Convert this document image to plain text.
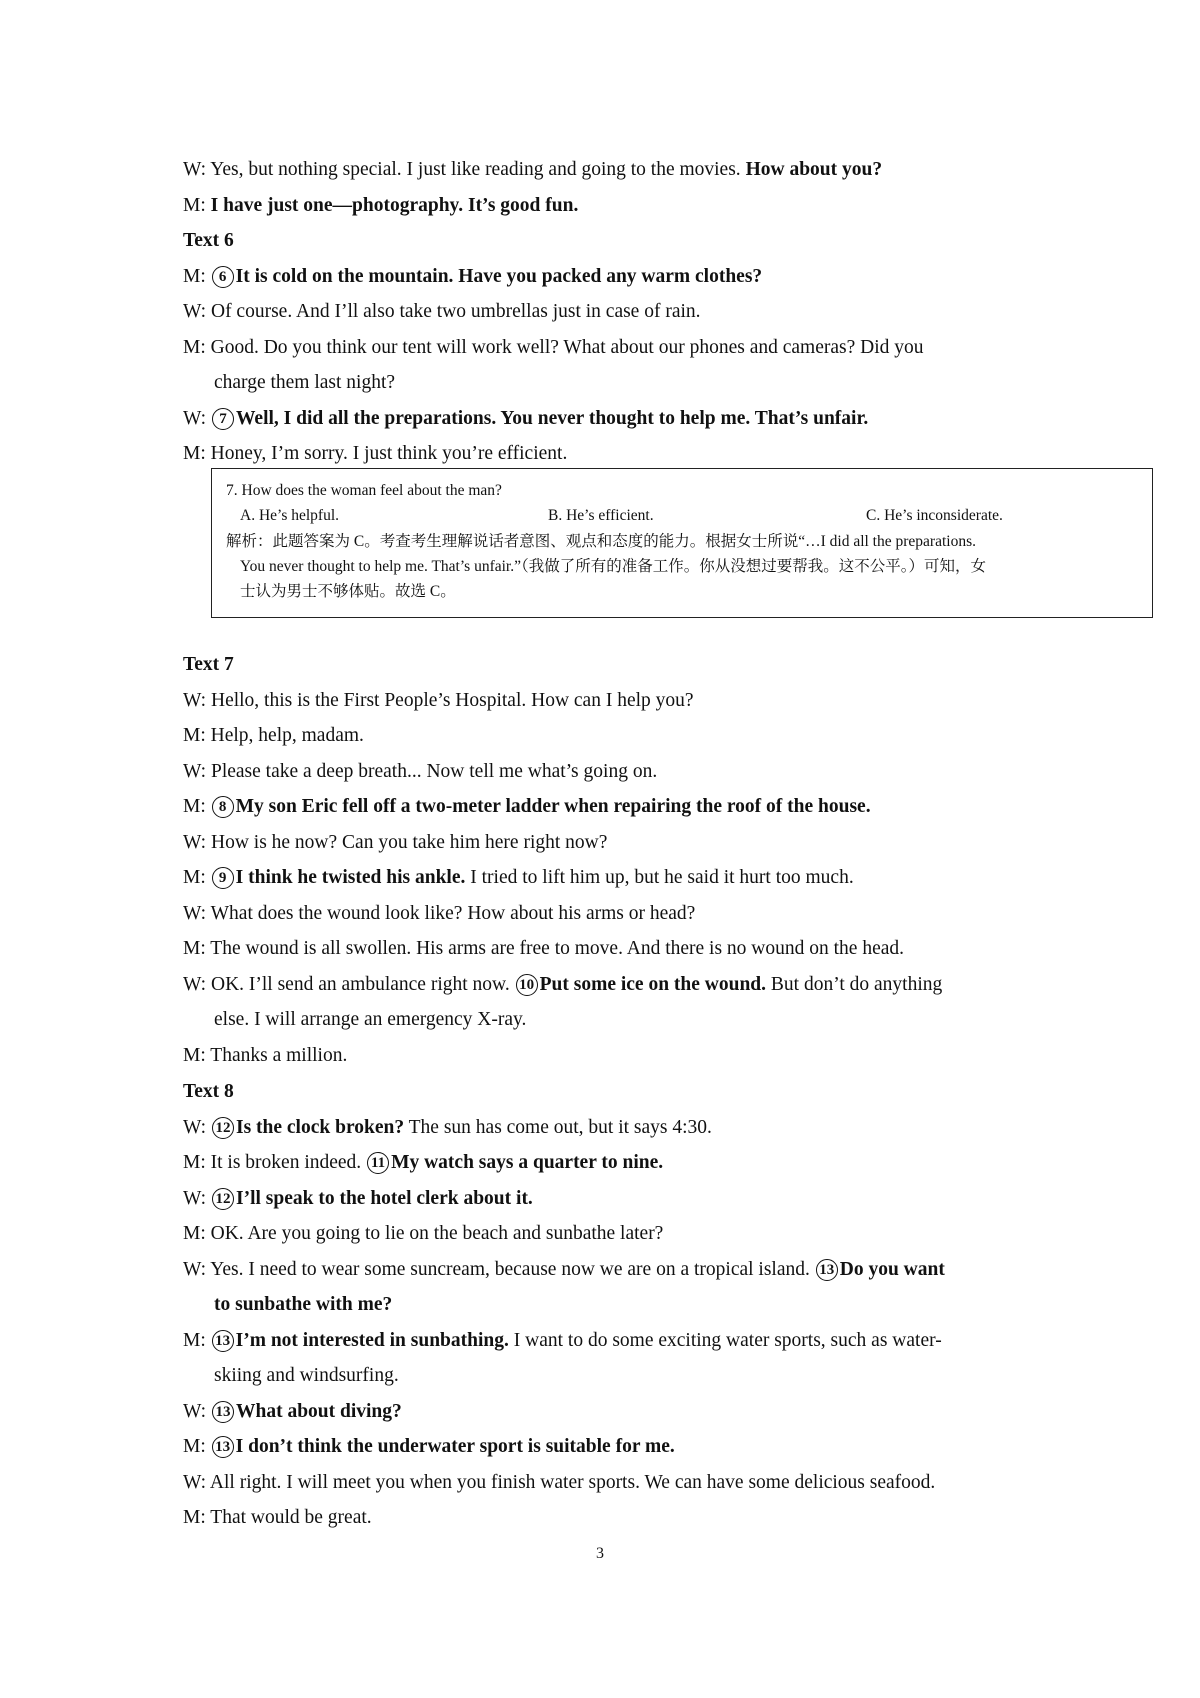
W: Yes, but nothing special. I just like reading and going to the movies. How about you?
M: I have just one—photography. It’s good fun.
Text 6
M: 6 It is cold on the mountain. Have you packed any warm clothes?
W: Of course. And I’ll also take two umbrellas just in case of rain.
M: Good. Do you think our tent will work well? What about our phones and cameras? Did you
charge them last night?
W: 7 Well, I did all the preparations. You never thought to help me. That’s unfair.
M: Honey, I’m sorry. I just think you’re efficient.
7. How does the woman feel about the man?
A. He’s helpful.	B. He’s efficient.	C. He’s inconsiderate.
解析：此题答案为 C。考查考生理解说话者意图、观点和态度的能力。根据女士所说“…I did all the preparations.
You never thought to help me. That’s unfair.”（我做了所有的准备工作。你从没想过要帮我。这不公平。）可知，女
士认为男士不够体贴。故选 C。
Text 7
W: Hello, this is the First People’s Hospital. How can I help you?
M: Help, help, madam.
W: Please take a deep breath... Now tell me what’s going on.
M: 8 My son Eric fell off a two-meter ladder when repairing the roof of the house.
W: How is he now? Can you take him here right now?
M: 9 I think he twisted his ankle. I tried to lift him up, but he said it hurt too much.
W: What does the wound look like? How about his arms or head?
M: The wound is all swollen. His arms are free to move. And there is no wound on the head.
W: OK. I’ll send an ambulance right now. 10 Put some ice on the wound. But don’t do anything
else. I will arrange an emergency X-ray.
M: Thanks a million.
Text 8
W: 12 Is the clock broken? The sun has come out, but it says 4:30.
M: It is broken indeed. 11 My watch says a quarter to nine.
W: 12 I’ll speak to the hotel clerk about it.
M: OK. Are you going to lie on the beach and sunbathe later?
W: Yes. I need to wear some suncream, because now we are on a tropical island. 13 Do you want
to sunbathe with me?
M: 13 I’m not interested in sunbathing. I want to do some exciting water sports, such as water-
skiing and windsurfing.
W: 13 What about diving?
M: 13 I don’t think the underwater sport is suitable for me.
W: All right. I will meet you when you finish water sports. We can have some delicious seafood.
M: That would be great.
3
